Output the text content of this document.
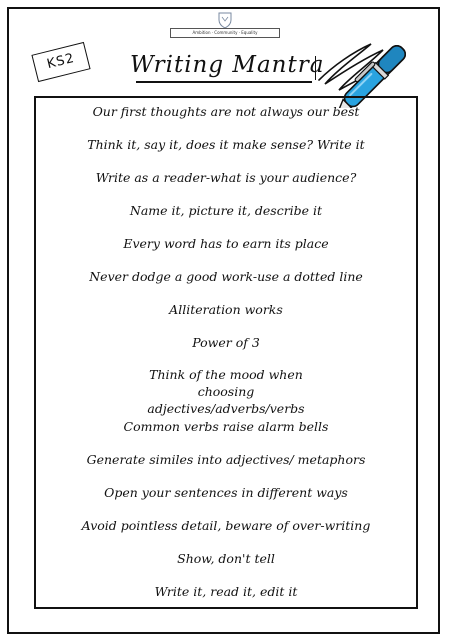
Ambition · Community · Equality
KS2	Writing Mantra
Our first thoughts are not always our best
Think it, say it, does it make sense? Write it
Write as a reader-what is your audience?
Name it, picture it, describe it
Every word has to earn its place
Never dodge a good work-use a dotted line
Alliteration works
Power of 3
Think of the mood when choosing adjectives/adverbs/verbs
Common verbs raise alarm bells
Generate similes into adjectives/ metaphors
Open your sentences in different ways
Avoid pointless detail, beware of over-writing
Show, don't tell
Write it, read it, edit it
